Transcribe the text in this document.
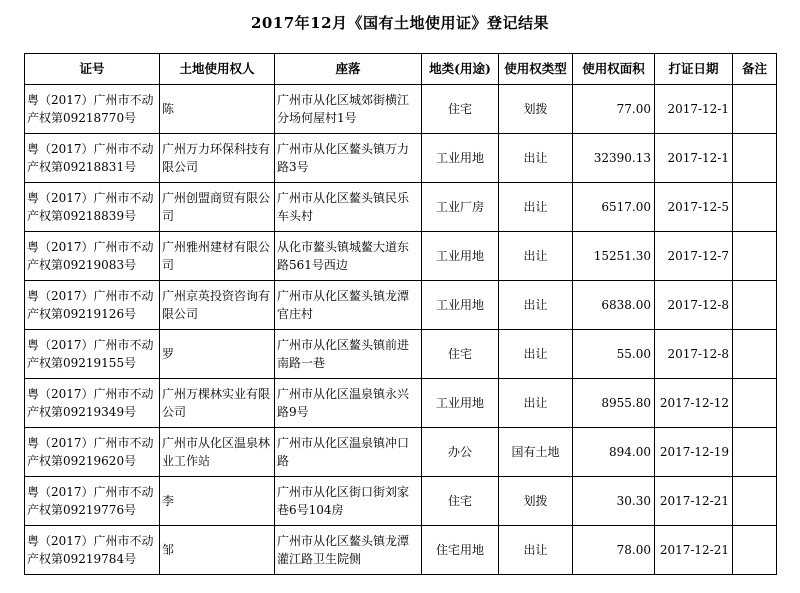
2017年12月《国有土地使用证》登记结果
证号	土地使用权人	座落	地类(用途)	使用权类型	使用权面积	打证日期	备注
粤（2017）广州市不动产权第09218770号	陈	广州市从化区城郊街横江分场何屋村1号	住宅	划拨	77.00	2017-12-1	
粤（2017）广州市不动产权第09218831号	广州万力环保科技有限公司	广州市从化区鳌头镇万力路3号	工业用地	出让	32390.13	2017-12-1	
粤（2017）广州市不动产权第09218839号	广州创盟商贸有限公司	广州市从化区鳌头镇民乐车头村	工业厂房	出让	6517.00	2017-12-5	
粤（2017）广州市不动产权第09219083号	广州雅州建材有限公司	从化市鳌头镇城鳌大道东路561号西边	工业用地	出让	15251.30	2017-12-7	
粤（2017）广州市不动产权第09219126号	广州京英投资咨询有限公司	广州市从化区鳌头镇龙潭官庄村	工业用地	出让	6838.00	2017-12-8	
粤（2017）广州市不动产权第09219155号	罗	广州市从化区鳌头镇前进南路一巷	住宅	出让	55.00	2017-12-8	
粤（2017）广州市不动产权第09219349号	广州万棵林实业有限公司	广州市从化区温泉镇永兴路9号	工业用地	出让	8955.80	2017-12-12	
粤（2017）广州市不动产权第09219620号	广州市从化区温泉林业工作站	广州市从化区温泉镇冲口路	办公	国有土地	894.00	2017-12-19	
粤（2017）广州市不动产权第09219776号	李	广州市从化区街口街刘家巷6号104房	住宅	划拨	30.30	2017-12-21	
粤（2017）广州市不动产权第09219784号	邹	广州市从化区鳌头镇龙潭灌江路卫生院侧	住宅用地	出让	78.00	2017-12-21	
